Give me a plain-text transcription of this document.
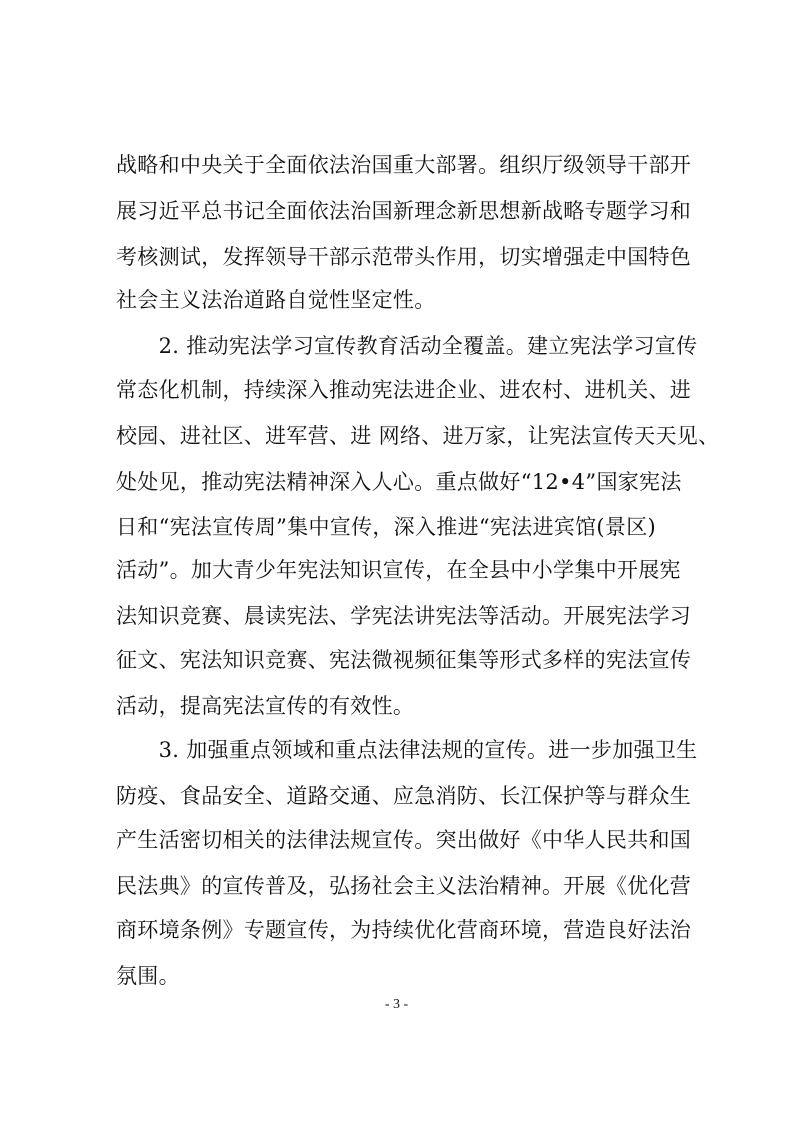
战略和中央关于全面依法治国重大部署。组织厅级领导干部开
展习近平总书记全面依法治国新理念新思想新战略专题学习和
考核测试，发挥领导干部示范带头作用，切实增强走中国特色
社会主义法治道路自觉性坚定性。
　　2. 推动宪法学习宣传教育活动全覆盖。建立宪法学习宣传
常态化机制，持续深入推动宪法进企业、进农村、进机关、进
校园、进社区、进军营、进 网络、进万家，让宪法宣传天天见、
处处见，推动宪法精神深入人心。重点做好“12•4”国家宪法
日和“宪法宣传周”集中宣传，深入推进“宪法进宾馆(景区)
活动”。加大青少年宪法知识宣传，在全县中小学集中开展宪
法知识竞赛、晨读宪法、学宪法讲宪法等活动。开展宪法学习
征文、宪法知识竞赛、宪法微视频征集等形式多样的宪法宣传
活动，提高宪法宣传的有效性。
　　3. 加强重点领域和重点法律法规的宣传。进一步加强卫生
防疫、食品安全、道路交通、应急消防、长江保护等与群众生
产生活密切相关的法律法规宣传。突出做好《中华人民共和国
民法典》的宣传普及，弘扬社会主义法治精神。开展《优化营
商环境条例》专题宣传，为持续优化营商环境，营造良好法治
氛围。
- 3 -
